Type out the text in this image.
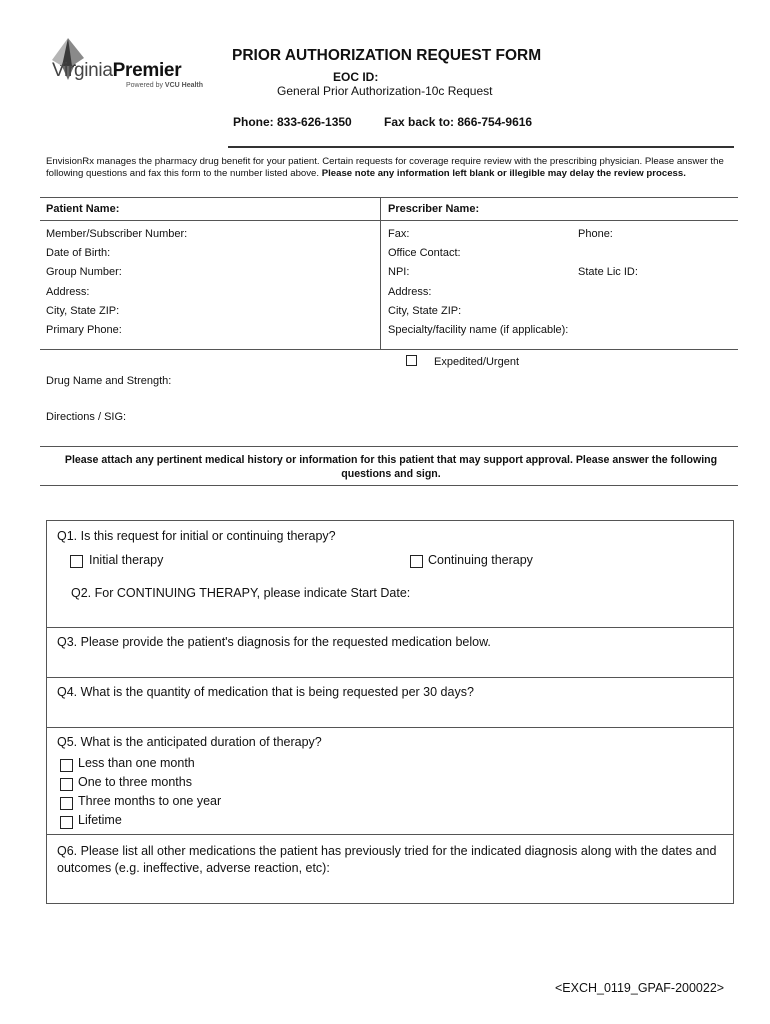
VirginiaPremier
Powered by VCU Health
PRIOR AUTHORIZATION REQUEST FORM
EOC ID:
General Prior Authorization-10c Request
Phone: 833-626-1350	Fax back to: 866-754-9616
EnvisionRx manages the pharmacy drug benefit for your patient. Certain requests for coverage require review with the prescribing physician. Please answer the following questions and fax this form to the number listed above. Please note any information left blank or illegible may delay the review process.
Patient Name:	Prescriber Name:
Member/Subscriber Number:
Date of Birth:
Group Number:
Address:
City, State ZIP:
Primary Phone:
Fax:	Phone:
Office Contact:
NPI:	State Lic ID:
Address:
City, State ZIP:
Specialty/facility name (if applicable):
Expedited/Urgent
Drug Name and Strength:
Directions / SIG:
Please attach any pertinent medical history or information for this patient that may support approval. Please answer the following questions and sign.
Q1. Is this request for initial or continuing therapy?
Initial therapy	Continuing therapy
Q2. For CONTINUING THERAPY, please indicate Start Date:
Q3. Please provide the patient's diagnosis for the requested medication below.
Q4. What is the quantity of medication that is being requested per 30 days?
Q5. What is the anticipated duration of therapy?
Less than one month
One to three months
Three months to one year
Lifetime
Q6. Please list all other medications the patient has previously tried for the indicated diagnosis along with the dates and outcomes (e.g. ineffective, adverse reaction, etc):
<EXCH_0119_GPAF-200022>
